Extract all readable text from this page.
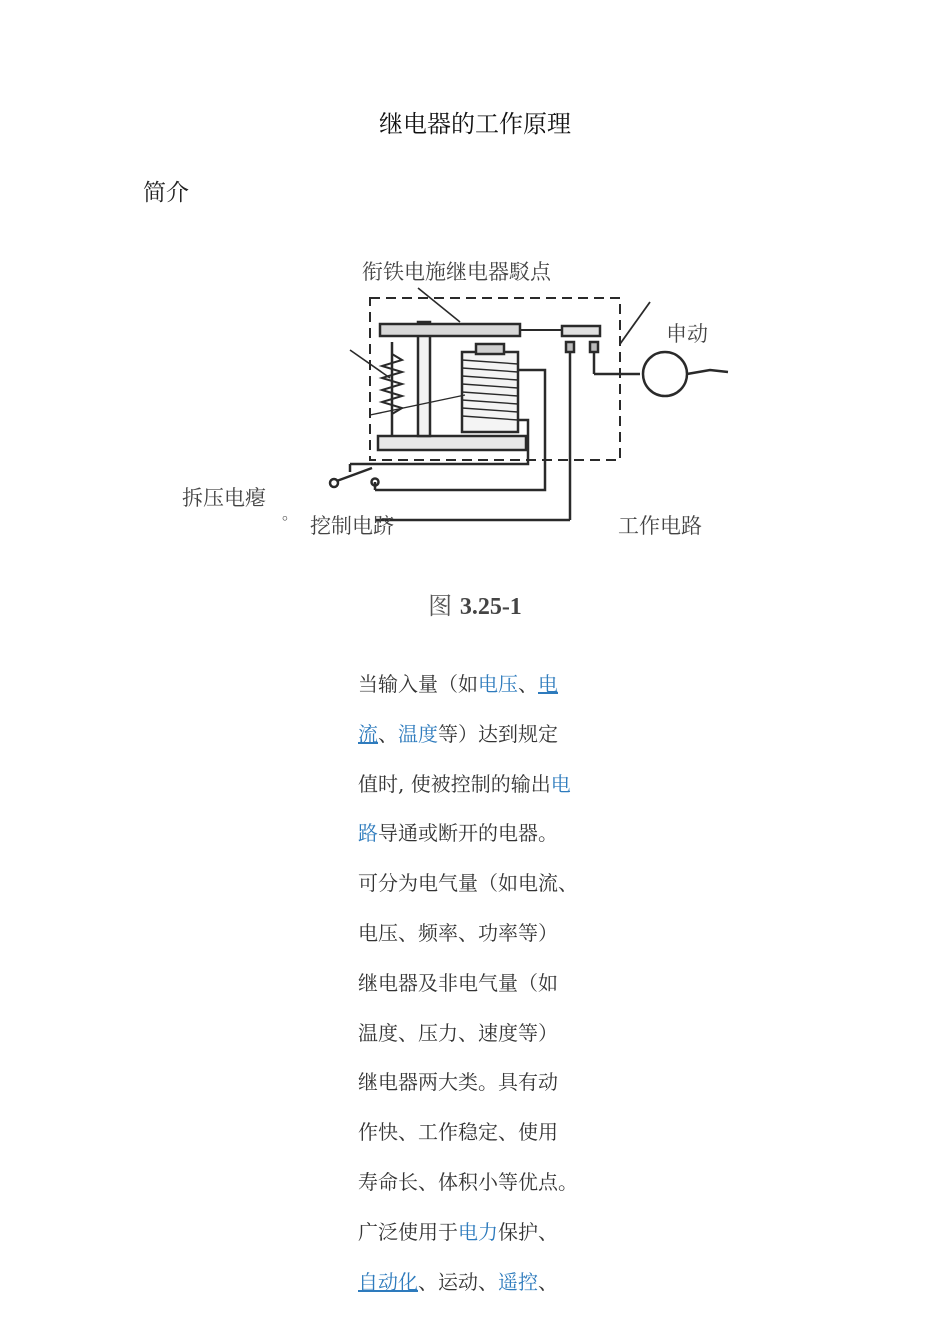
继电器的工作原理
简介
衔铁电施继电器駁点
申动
拆压电瘪
。
挖制电跻	工作电路
图 3.25-1
当输入量（如电压、电
流、温度等）达到规定
值时, 使被控制的输出电
路导通或断开的电器。
可分为电气量（如电流、
电压、频率、功率等）
继电器及非电气量（如
温度、压力、速度等）
继电器两大类。具有动
作快、工作稳定、使用
寿命长、体积小等优点。
广泛使用于电力保护、
自动化、运动、遥控、
